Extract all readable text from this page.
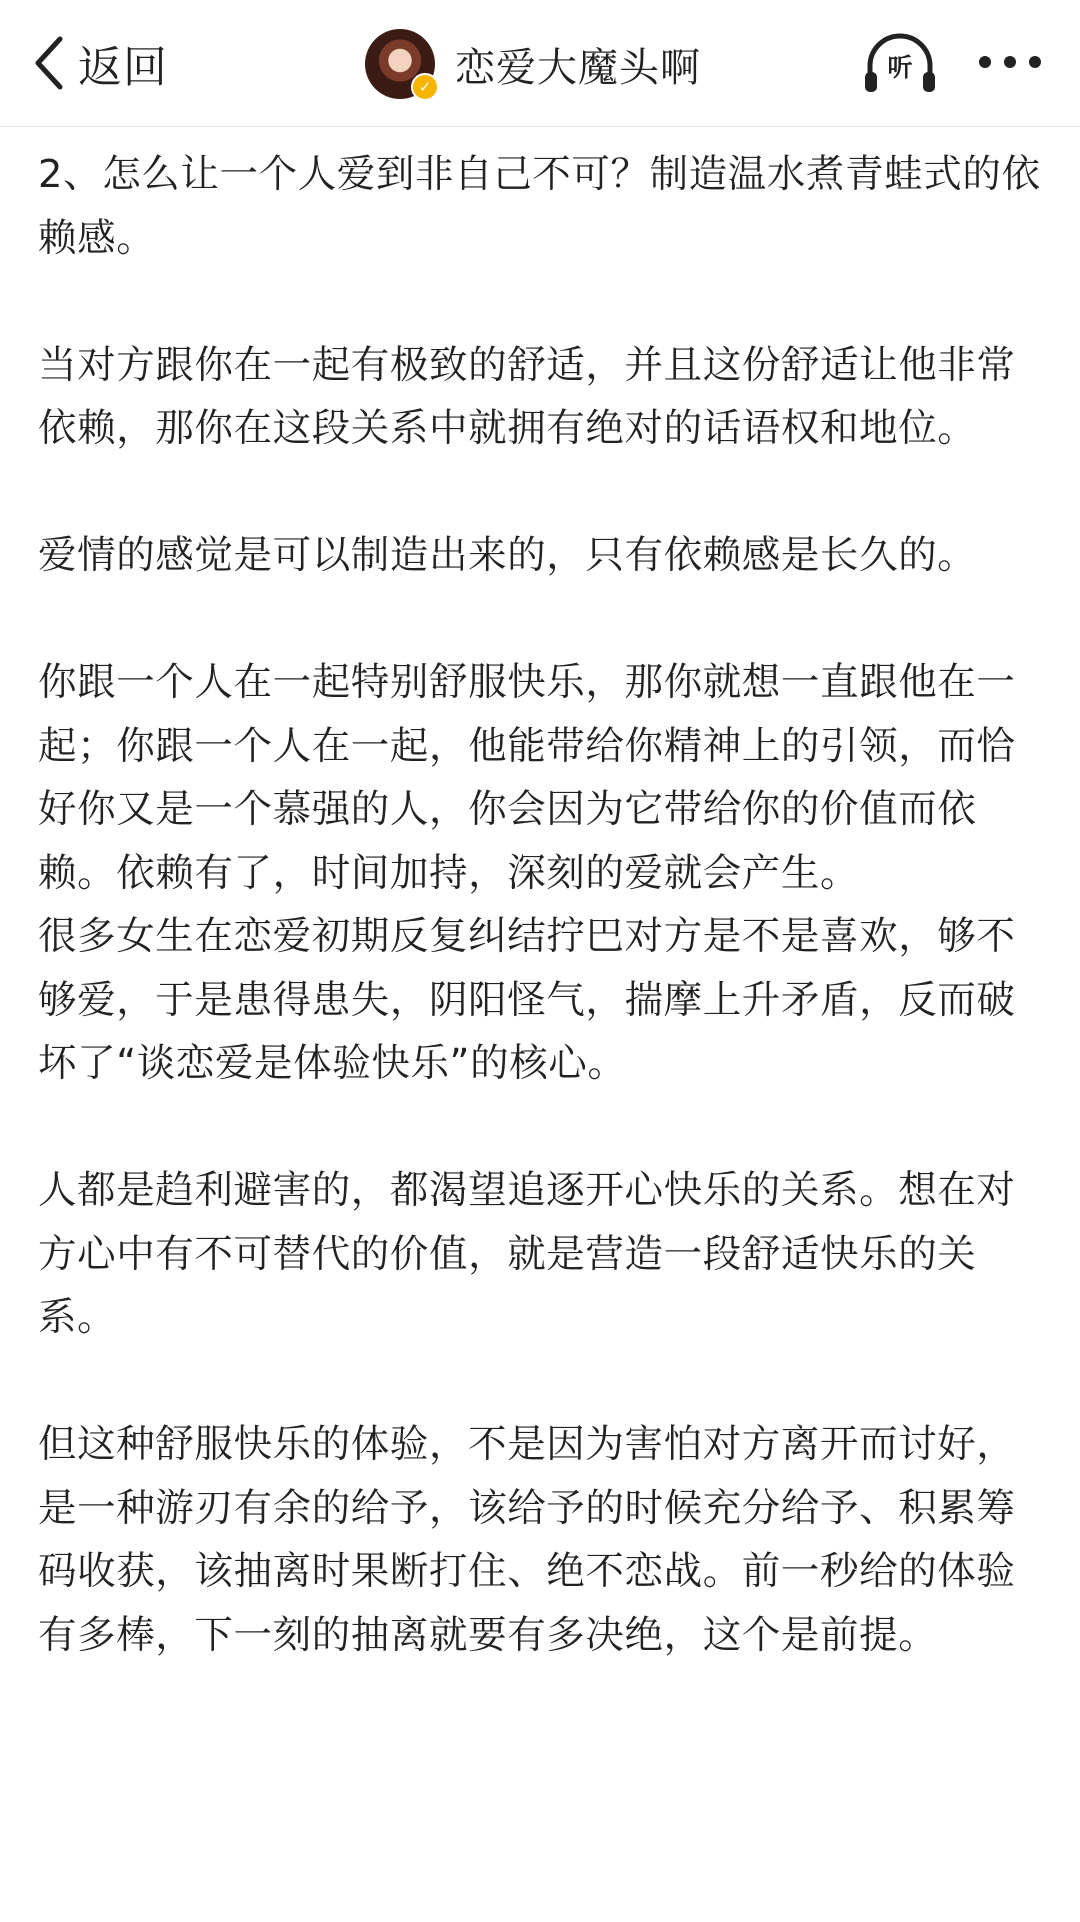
返回	✓ 恋爱大魔头啊	听

2、怎么让一个人爱到非自己不可？制造温水煮青蛙式的依赖感。

当对方跟你在一起有极致的舒适，并且这份舒适让他非常依赖，那你在这段关系中就拥有绝对的话语权和地位。

爱情的感觉是可以制造出来的，只有依赖感是长久的。

你跟一个人在一起特别舒服快乐，那你就想一直跟他在一起；你跟一个人在一起，他能带给你精神上的引领，而恰好你又是一个慕强的人，你会因为它带给你的价值而依赖。依赖有了，时间加持，深刻的爱就会产生。

很多女生在恋爱初期反复纠结拧巴对方是不是喜欢，够不够爱，于是患得患失，阴阳怪气，揣摩上升矛盾，反而破坏了“谈恋爱是体验快乐”的核心。

人都是趋利避害的，都渴望追逐开心快乐的关系。想在对方心中有不可替代的价值，就是营造一段舒适快乐的关系。

但这种舒服快乐的体验，不是因为害怕对方离开而讨好，是一种游刃有余的给予，该给予的时候充分给予、积累筹码收获，该抽离时果断打住、绝不恋战。前一秒给的体验有多棒，下一刻的抽离就要有多决绝，这个是前提。
